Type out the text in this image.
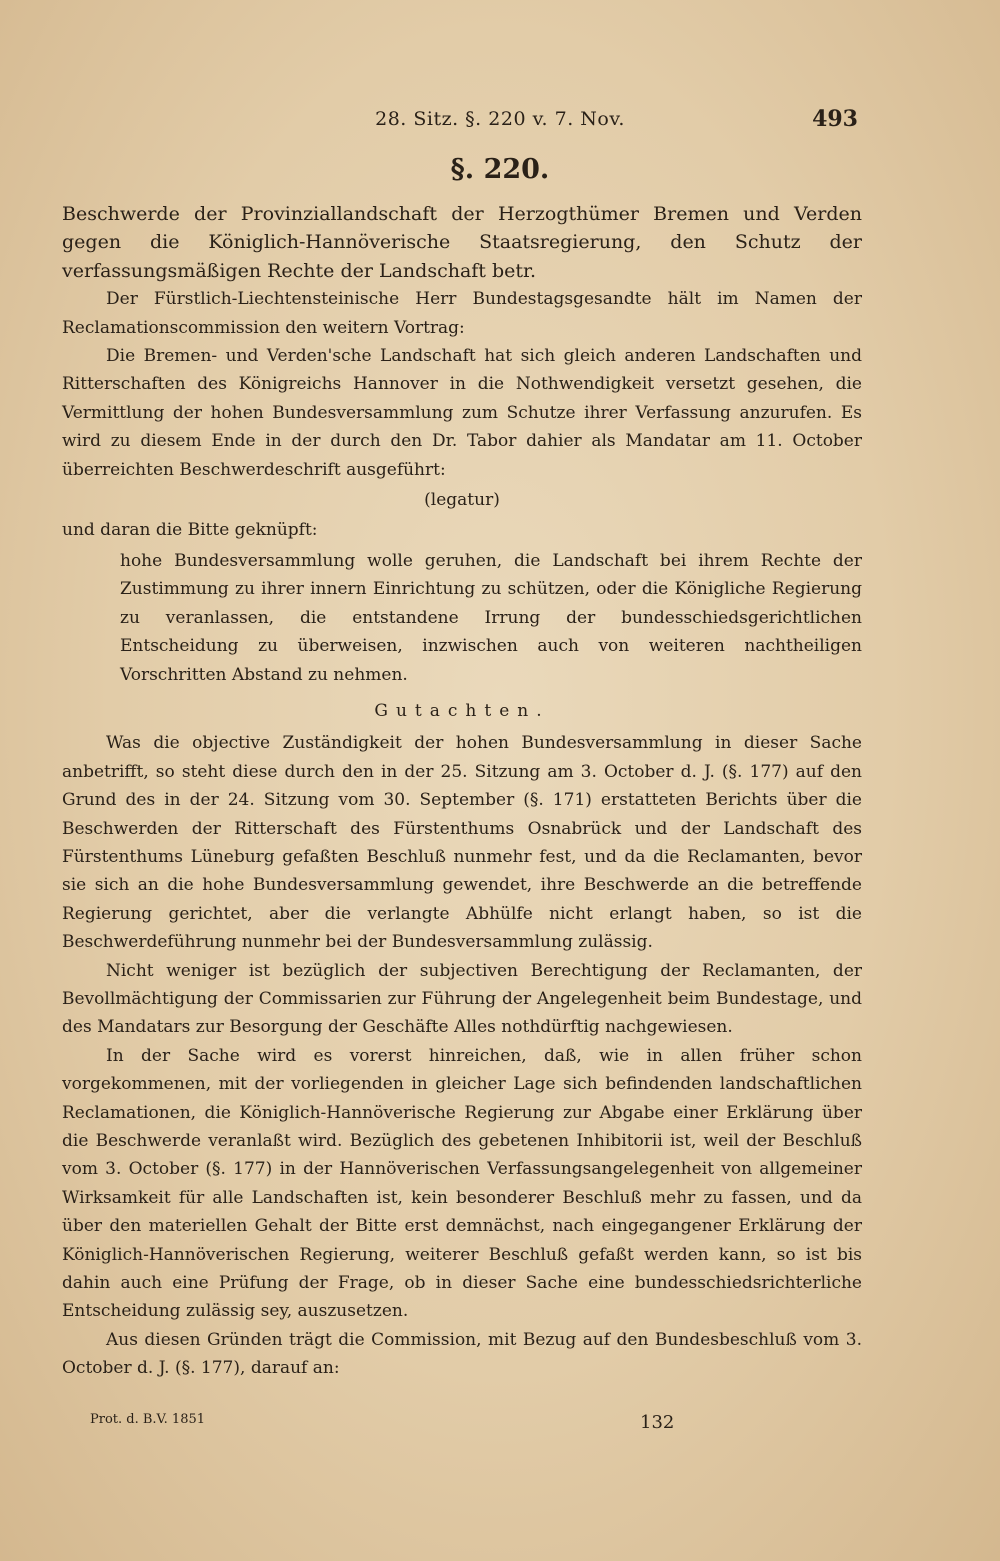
28. Sitz. §. 220 v. 7. Nov.	493
§. 220.

Beschwerde der Provinziallandschaft der Herzogthümer Bremen und Verden gegen die Königlich-Hannöverische Staatsregierung, den Schutz der verfassungsmäßigen Rechte der Landschaft betr.

Der Fürstlich-Liechtensteinische Herr Bundestagsgesandte hält im Namen der Reclamationscommission den weitern Vortrag:

Die Bremen- und Verden'sche Landschaft hat sich gleich anderen Landschaften und Ritterschaften des Königreichs Hannover in die Nothwendigkeit versetzt gesehen, die Vermittlung der hohen Bundesversammlung zum Schutze ihrer Verfassung anzurufen. Es wird zu diesem Ende in der durch den Dr. Tabor dahier als Mandatar am 11. October überreichten Beschwerdeschrift ausgeführt:

(legatur)

und daran die Bitte geknüpft:

hohe Bundesversammlung wolle geruhen, die Landschaft bei ihrem Rechte der Zustimmung zu ihrer innern Einrichtung zu schützen, oder die Königliche Regierung zu veranlassen, die entstandene Irrung der bundesschiedsgerichtlichen Entscheidung zu überweisen, inzwischen auch von weiteren nachtheiligen Vorschritten Abstand zu nehmen.

Gutachten.

Was die objective Zuständigkeit der hohen Bundesversammlung in dieser Sache anbetrifft, so steht diese durch den in der 25. Sitzung am 3. October d. J. (§. 177) auf den Grund des in der 24. Sitzung vom 30. September (§. 171) erstatteten Berichts über die Beschwerden der Ritterschaft des Fürstenthums Osnabrück und der Landschaft des Fürstenthums Lüneburg gefaßten Beschluß nunmehr fest, und da die Reclamanten, bevor sie sich an die hohe Bundesversammlung gewendet, ihre Beschwerde an die betreffende Regierung gerichtet, aber die verlangte Abhülfe nicht erlangt haben, so ist die Beschwerdeführung nunmehr bei der Bundesversammlung zulässig.

Nicht weniger ist bezüglich der subjectiven Berechtigung der Reclamanten, der Bevollmächtigung der Commissarien zur Führung der Angelegenheit beim Bundestage, und des Mandatars zur Besorgung der Geschäfte Alles nothdürftig nachgewiesen.

In der Sache wird es vorerst hinreichen, daß, wie in allen früher schon vorgekommenen, mit der vorliegenden in gleicher Lage sich befindenden landschaftlichen Reclamationen, die Königlich-Hannöverische Regierung zur Abgabe einer Erklärung über die Beschwerde veranlaßt wird. Bezüglich des gebetenen Inhibitorii ist, weil der Beschluß vom 3. October (§. 177) in der Hannöverischen Verfassungsangelegenheit von allgemeiner Wirksamkeit für alle Landschaften ist, kein besonderer Beschluß mehr zu fassen, und da über den materiellen Gehalt der Bitte erst demnächst, nach eingegangener Erklärung der Königlich-Hannöverischen Regierung, weiterer Beschluß gefaßt werden kann, so ist bis dahin auch eine Prüfung der Frage, ob in dieser Sache eine bundesschiedsrichterliche Entscheidung zulässig sey, auszusetzen.

Aus diesen Gründen trägt die Commission, mit Bezug auf den Bundesbeschluß vom 3. October d. J. (§. 177), darauf an:

Prot. d. B.V. 1851	132
